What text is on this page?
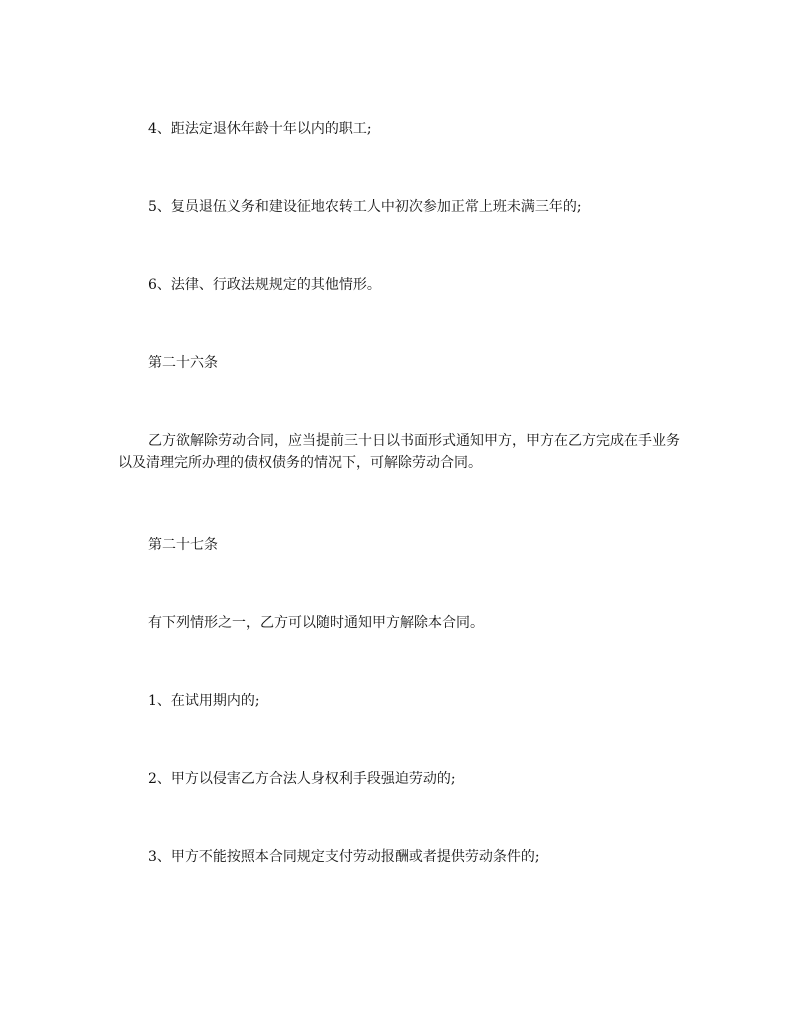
4、距法定退休年龄十年以内的职工;
5、复员退伍义务和建设征地农转工人中初次参加正常上班未满三年的;
6、法律、行政法规规定的其他情形。
第二十六条
乙方欲解除劳动合同，应当提前三十日以书面形式通知甲方，甲方在乙方完成在手业务以及清理完所办理的债权债务的情况下，可解除劳动合同。
第二十七条
有下列情形之一，乙方可以随时通知甲方解除本合同。
1、在试用期内的;
2、甲方以侵害乙方合法人身权利手段强迫劳动的;
3、甲方不能按照本合同规定支付劳动报酬或者提供劳动条件的;
